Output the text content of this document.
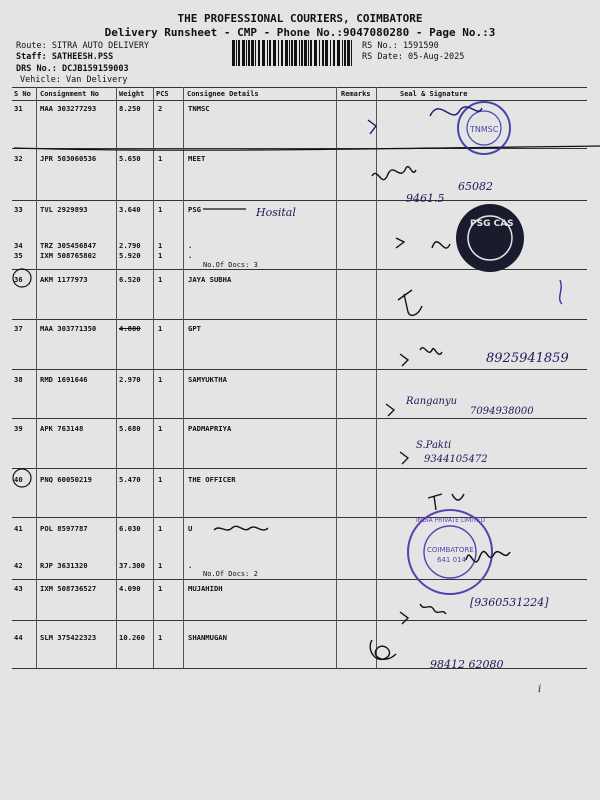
THE PROFESSIONAL COURIERS, COIMBATORE
Delivery Runsheet - CMP - Phone No.:9047080280 - Page No.:3
Route: SITRA AUTO DELIVERY
Staff: SATHEESH.PSS
DRS No.: DCJB159159003
Vehicle: Van Delivery
RS No.: 1591590
RS Date: 05-Aug-2025
S No Consignment No	Weight PCS	Consignee Details	Remarks	Seal & Signature
31 MAA 303277293	8.250 2	TNMSC
32 JPR 503060536	5.650 1	MEET
33 TVL 2929893	3.640 1	PSG
34 TRZ 305456847	2.790 1	.
35 IXM 508765802	5.920 1	.
No.Of Docs: 3
36 AKM 1177973	6.520 1	JAYA SUBHA
37 MAA 303771350	4.800 1	GPT
38 RMD 1691646	2.970 1	SAMYUKTHA
39 APK 763148	5.680 1	PADMAPRIYA
40 PNQ 60050219	5.470 1	THE OFFICER
41 POL 8597787	6.030 1	U
42 RJP 3631320	37.300 1	.
No.Of Docs: 2
43 IXM 508736527	4.090 1	MUJAHIDH
44 SLM 375422323	10.260 1	SHANMUGAN
TNMSC
9461.5
65082
Hosital
PSG CAS
8925941859
Ranganyu
7094938000
S.Pakti
9344105472
COIMBATORE
641 014
INDIA PRIVATE LIMITED
[9360531224]
98412 62080
i
